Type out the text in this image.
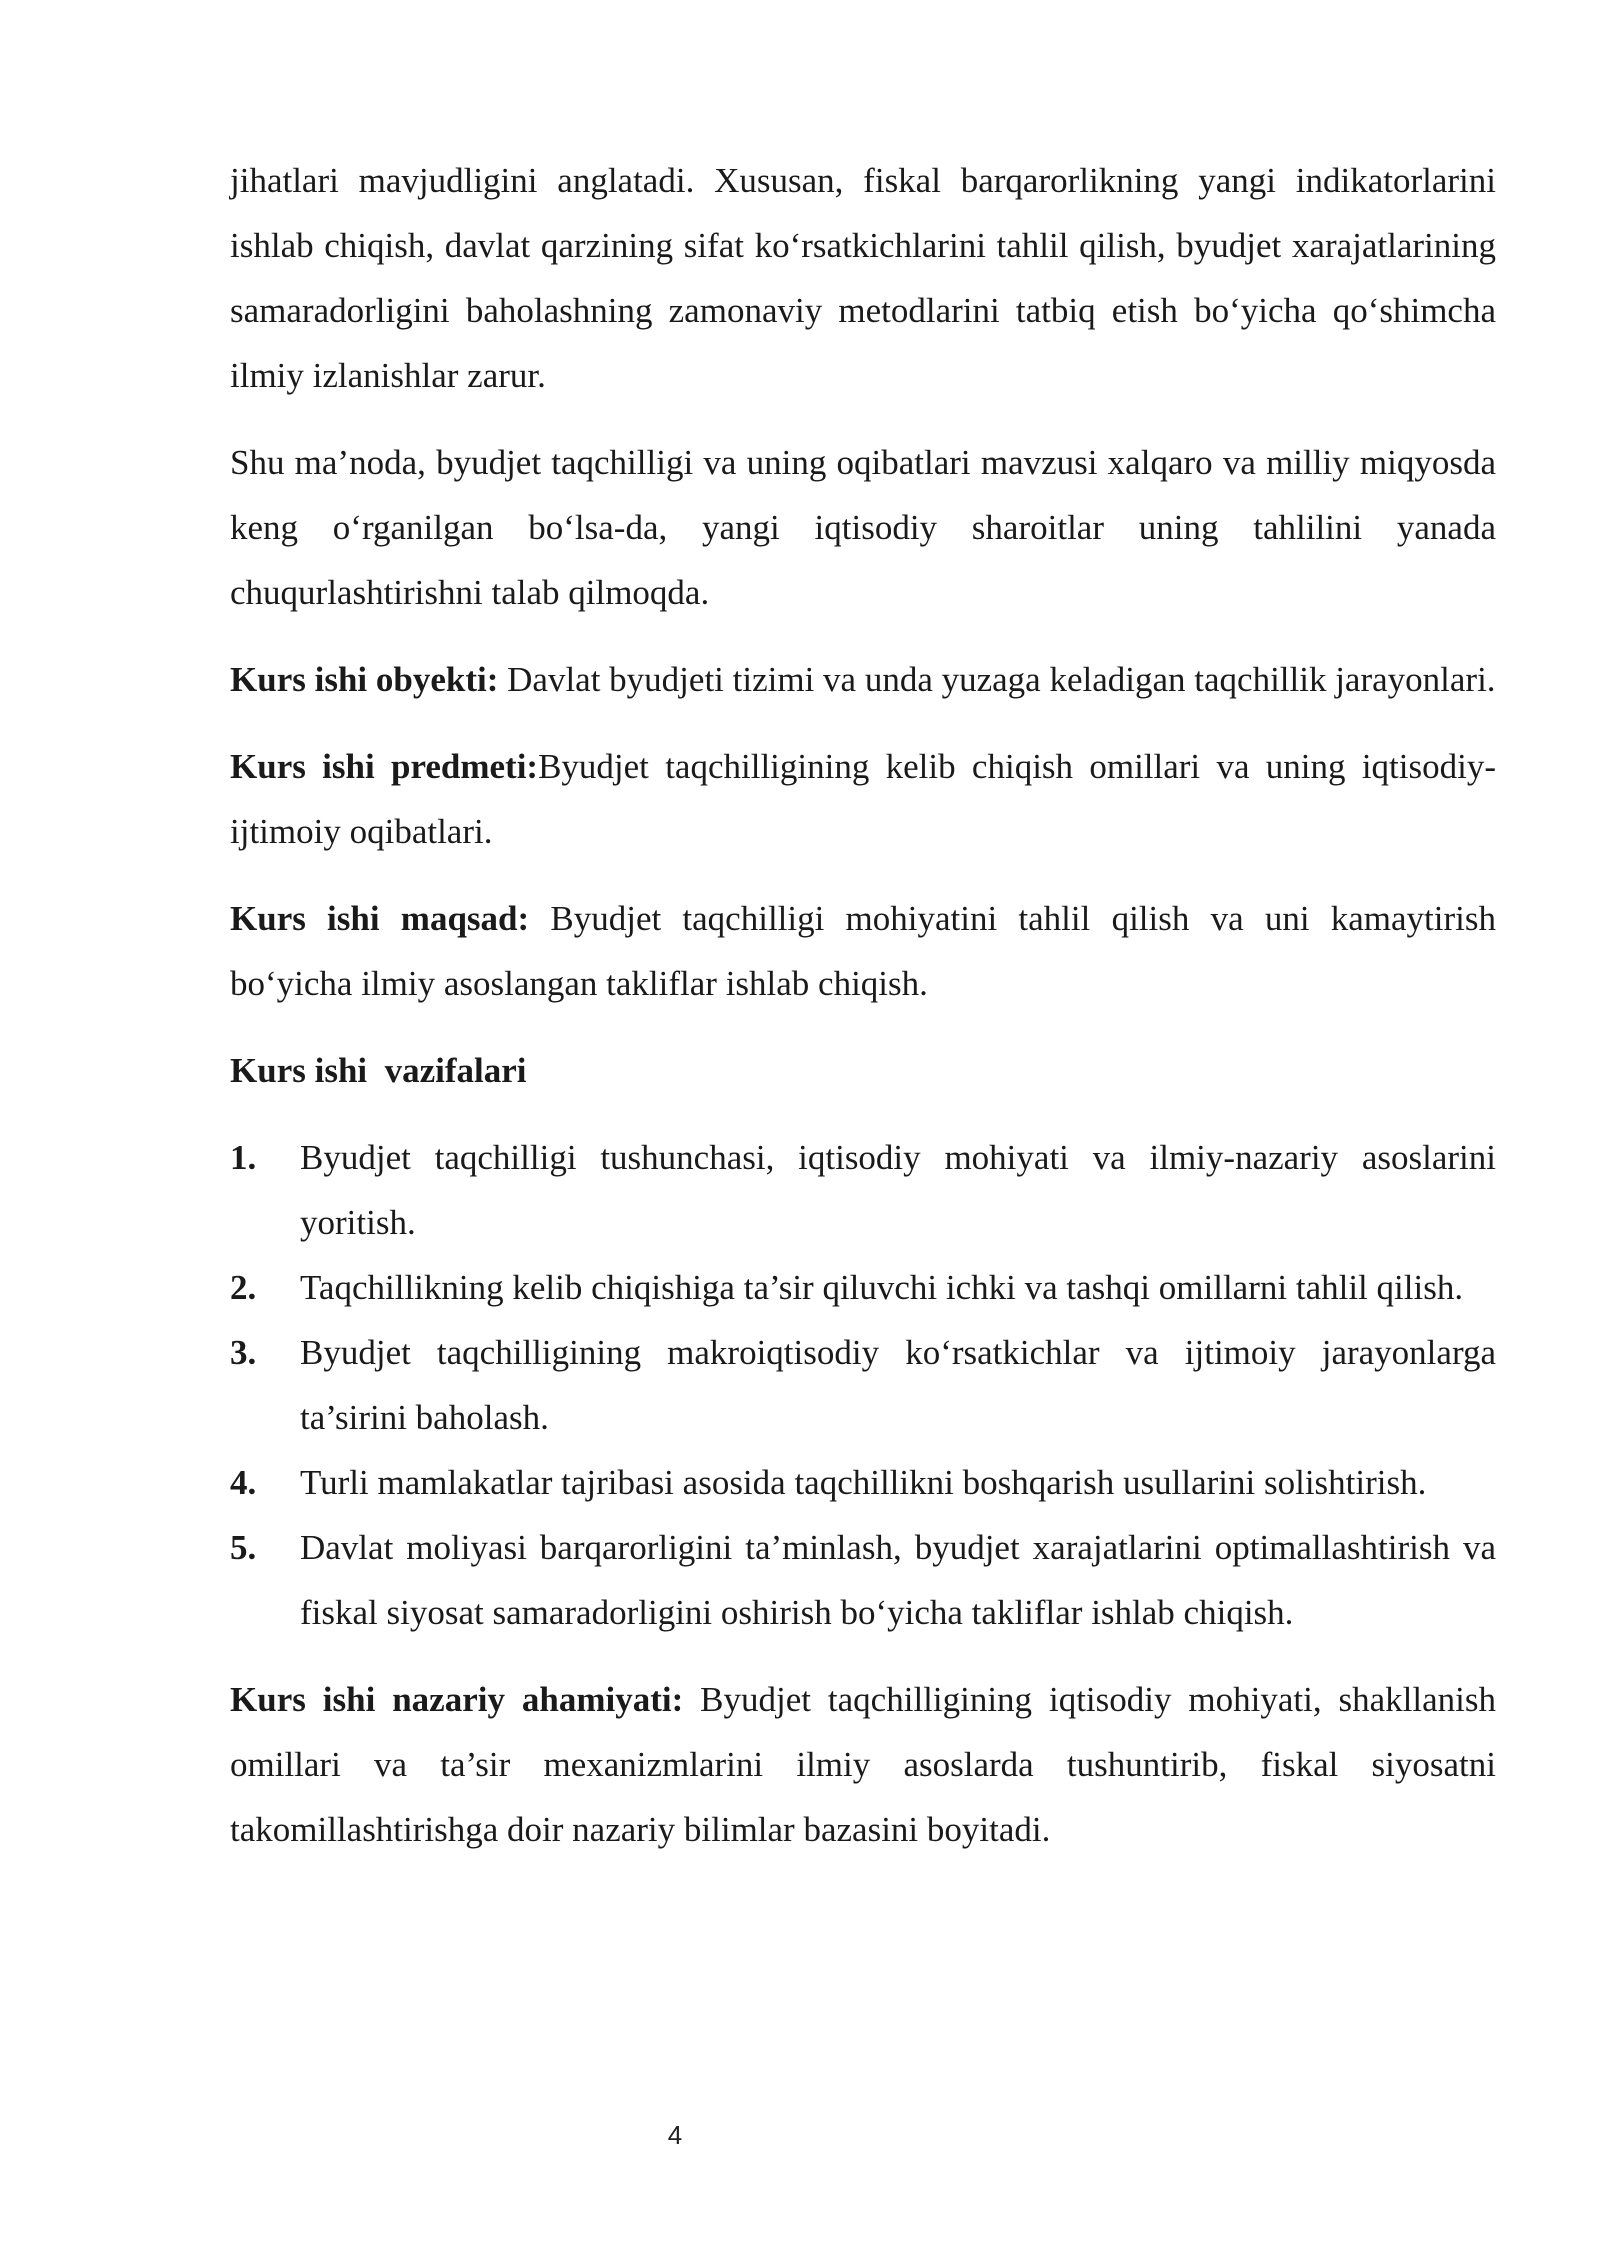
jihatlari mavjudligini anglatadi. Xususan, fiskal barqarorlikning yangi indikatorlarini ishlab chiqish, davlat qarzining sifat ko‘rsatkichlarini tahlil qilish, byudjet xarajatlarining samaradorligini baholashning zamonaviy metodlarini tatbiq etish bo‘yicha qo‘shimcha ilmiy izlanishlar zarur.

Shu ma’noda, byudjet taqchilligi va uning oqibatlari mavzusi xalqaro va milliy miqyosda keng o‘rganilgan bo‘lsa-da, yangi iqtisodiy sharoitlar uning tahlilini yanada chuqurlashtirishni talab qilmoqda.

Kurs ishi obyekti: Davlat byudjeti tizimi va unda yuzaga keladigan taqchillik jarayonlari.

Kurs ishi predmeti:Byudjet taqchilligining kelib chiqish omillari va uning iqtisodiy-ijtimoiy oqibatlari.

Kurs ishi maqsad: Byudjet taqchilligi mohiyatini tahlil qilish va uni kamaytirish bo‘yicha ilmiy asoslangan takliflar ishlab chiqish.

Kurs ishi  vazifalari

1.	Byudjet taqchilligi tushunchasi, iqtisodiy mohiyati va ilmiy-nazariy asoslarini yoritish.
2.	Taqchillikning kelib chiqishiga ta’sir qiluvchi ichki va tashqi omillarni tahlil qilish.
3.	Byudjet taqchilligining makroiqtisodiy ko‘rsatkichlar va ijtimoiy jarayonlarga ta’sirini baholash.
4.	Turli mamlakatlar tajribasi asosida taqchillikni boshqarish usullarini solishtirish.
5.	Davlat moliyasi barqarorligini ta’minlash, byudjet xarajatlarini optimallashtirish va fiskal siyosat samaradorligini oshirish bo‘yicha takliflar ishlab chiqish.

Kurs ishi nazariy ahamiyati: Byudjet taqchilligining iqtisodiy mohiyati, shakllanish omillari va ta’sir mexanizmlarini ilmiy asoslarda tushuntirib, fiskal siyosatni takomillashtirishga doir nazariy bilimlar bazasini boyitadi.

4
